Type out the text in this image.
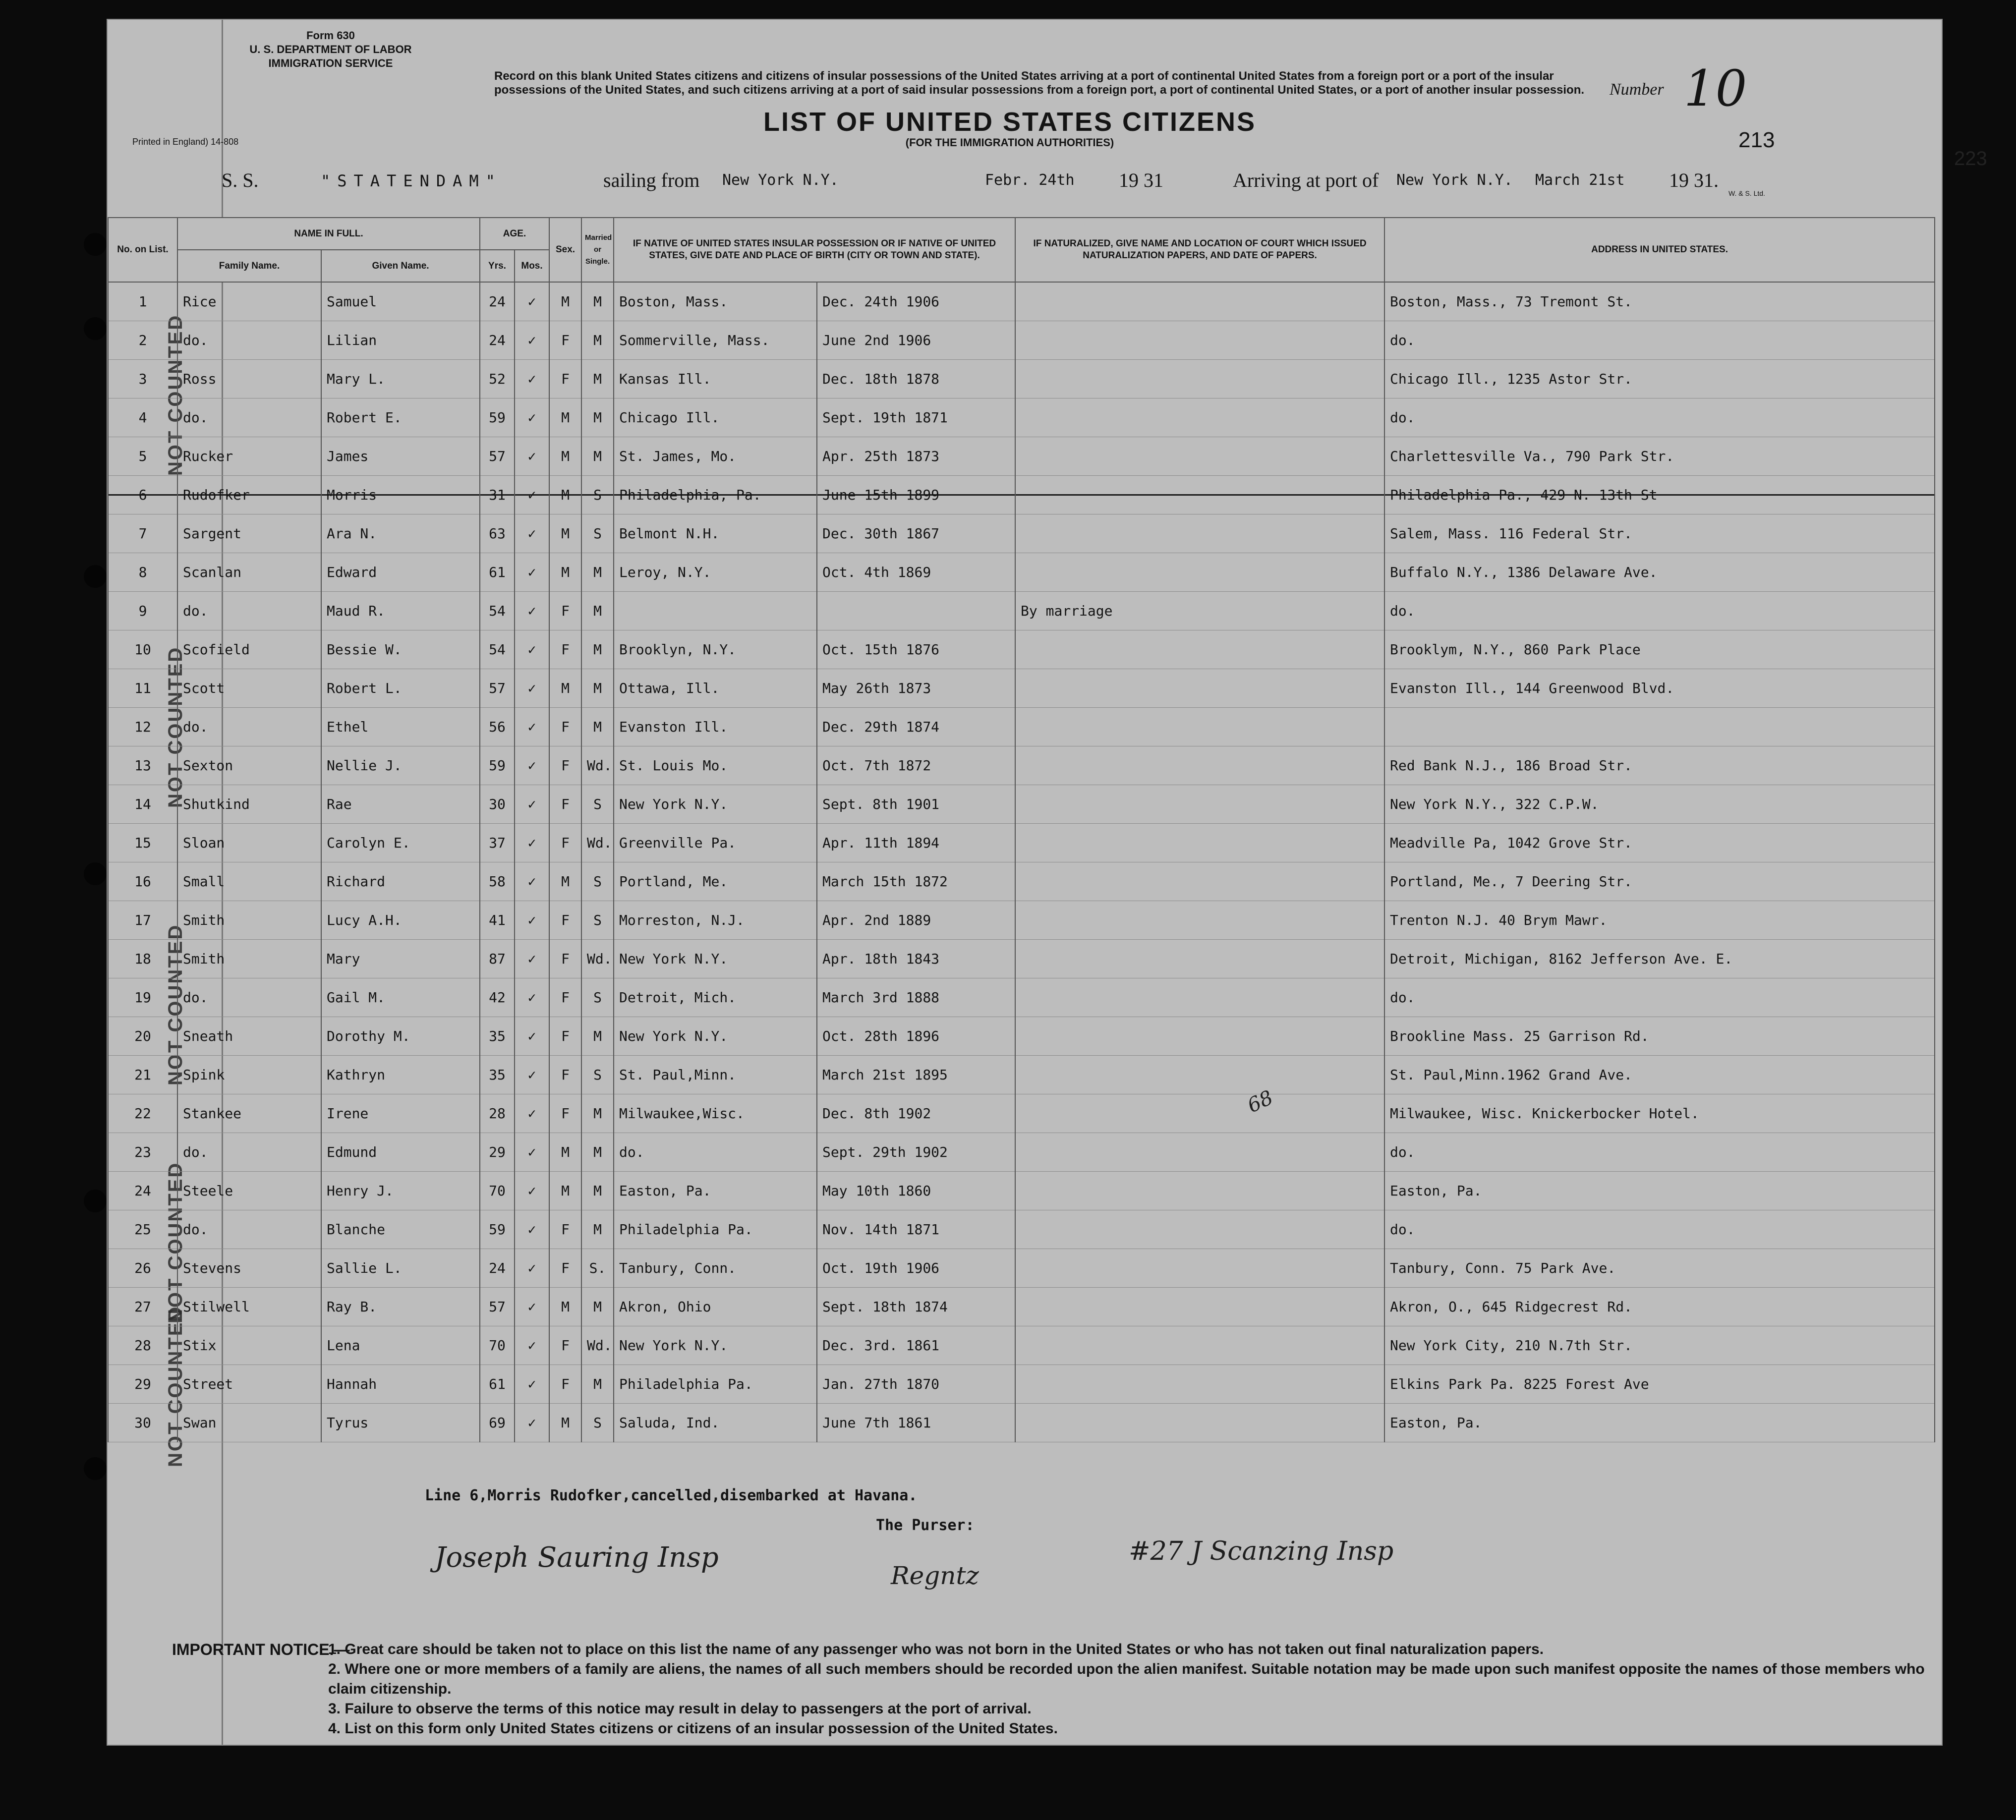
NOT COUNTED
NOT COUNTED
NOT COUNTED
NOT COUNTED
NOT COUNTED
Form 630
U. S. DEPARTMENT OF LABOR
IMMIGRATION SERVICE
Printed in England) 14-808
Record on this blank United States citizens and citizens of insular possessions of the United States arriving at a port of continental United States from a foreign port or a port of the insular possessions of the United States, and such citizens arriving at a port of said insular possessions from a foreign port, a port of continental United States, or a port of another insular possession.
LIST OF UNITED STATES CITIZENS
(FOR THE IMMIGRATION AUTHORITIES)
Number 10
213
223
S. S.	"STATENDAM"	sailing from New York N.Y.	Febr. 24th 19 31	Arriving at port of New York N.Y. March 21st 19 31.
W. & S. Ltd.
No. on List.	NAME IN FULL.		AGE.		Sex.	Married or Single.	IF NATIVE OF UNITED STATES INSULAR POSSESSION OR IF NATIVE OF UNITED STATES, GIVE DATE AND PLACE OF BIRTH (CITY OR TOWN AND STATE).		IF NATURALIZED, GIVE NAME AND LOCATION OF COURT WHICH ISSUED NATURALIZATION PAPERS, AND DATE OF PAPERS.	ADDRESS IN UNITED STATES.
	Family Name.	Given Name.	Yrs.	Mos.						
1	Rice	Samuel	24	✓	M	M	Boston, Mass.	Dec. 24th 1906		Boston, Mass., 73 Tremont St.
2	do.	Lilian	24	✓	F	M	Sommerville, Mass.	June 2nd 1906		do.
3	Ross	Mary L.	52	✓	F	M	Kansas Ill.	Dec. 18th 1878		Chicago Ill., 1235 Astor Str.
4	do.	Robert E.	59	✓	M	M	Chicago Ill.	Sept. 19th 1871		do.
5	Rucker	James	57	✓	M	M	St. James, Mo.	Apr. 25th 1873		Charlettesville Va., 790 Park Str.
6	Rudofker	Morris	31	✓	M	S	Philadelphia, Pa.	June 15th 1899		Philadelphia Pa., 429 N. 13th St
7	Sargent	Ara N.	63	✓	M	S	Belmont N.H.	Dec. 30th 1867		Salem, Mass. 116 Federal Str.
8	Scanlan	Edward	61	✓	M	M	Leroy, N.Y.	Oct. 4th 1869		Buffalo N.Y., 1386 Delaware Ave.
9	do.	Maud R.	54	✓	F	M			By marriage	do.
10	Scofield	Bessie W.	54	✓	F	M	Brooklyn, N.Y.	Oct. 15th 1876		Brooklym, N.Y., 860 Park Place
11	Scott	Robert L.	57	✓	M	M	Ottawa, Ill.	May 26th 1873		Evanston Ill., 144 Greenwood Blvd.
12	do.	Ethel	56	✓	F	M	Evanston Ill.	Dec. 29th 1874		
13	Sexton	Nellie J.	59	✓	F	Wd.	St. Louis Mo.	Oct. 7th 1872		Red Bank N.J., 186 Broad Str.
14	Shutkind	Rae	30	✓	F	S	New York N.Y.	Sept. 8th 1901		New York N.Y., 322 C.P.W.
15	Sloan	Carolyn E.	37	✓	F	Wd.	Greenville Pa.	Apr. 11th 1894		Meadville Pa, 1042 Grove Str.
16	Small	Richard	58	✓	M	S	Portland, Me.	March 15th 1872		Portland, Me., 7 Deering Str.
17	Smith	Lucy A.H.	41	✓	F	S	Morreston, N.J.	Apr. 2nd 1889		Trenton N.J. 40 Brym Mawr.
18	Smith	Mary	87	✓	F	Wd.	New York N.Y.	Apr. 18th 1843		Detroit, Michigan, 8162 Jefferson Ave. E.
19	do.	Gail M.	42	✓	F	S	Detroit, Mich.	March 3rd 1888		do.
20	Sneath	Dorothy M.	35	✓	F	M	New York N.Y.	Oct. 28th 1896		Brookline Mass. 25 Garrison Rd.
21	Spink	Kathryn	35	✓	F	S	St. Paul,Minn.	March 21st 1895		St. Paul,Minn.1962 Grand Ave.
22	Stankee	Irene	28	✓	F	M	Milwaukee,Wisc.	Dec. 8th 1902		Milwaukee, Wisc. Knickerbocker Hotel.
23	do.	Edmund	29	✓	M	M	do.	Sept. 29th 1902		do.
24	Steele	Henry J.	70	✓	M	M	Easton, Pa.	May 10th 1860		Easton, Pa.
25	do.	Blanche	59	✓	F	M	Philadelphia Pa.	Nov. 14th 1871		do.
26	Stevens	Sallie L.	24	✓	F	S.	Tanbury, Conn.	Oct. 19th 1906		Tanbury, Conn. 75 Park Ave.
27	Stilwell	Ray B.	57	✓	M	M	Akron, Ohio	Sept. 18th 1874		Akron, O., 645 Ridgecrest Rd.
28	Stix	Lena	70	✓	F	Wd.	New York N.Y.	Dec. 3rd. 1861		New York City, 210 N.7th Str.
29	Street	Hannah	61	✓	F	M	Philadelphia Pa.	Jan. 27th 1870		Elkins Park Pa. 8225 Forest Ave
30	Swan	Tyrus	69	✓	M	S	Saluda, Ind.	June 7th 1861		Easton, Pa.
Line 6,Morris Rudofker,cancelled,disembarked at Havana.
The Purser:
Joseph Sauring Insp
Regntz
#27 J Scanzing Insp
68
IMPORTANT NOTICE.—
1. Great care should be taken not to place on this list the name of any passenger who was not born in the United States or who has not taken out final naturalization papers.
2. Where one or more members of a family are aliens, the names of all such members should be recorded upon the alien manifest. Suitable notation may be made upon such manifest opposite the names of those members who claim citizenship.
3. Failure to observe the terms of this notice may result in delay to passengers at the port of arrival.
4. List on this form only United States citizens or citizens of an insular possession of the United States.
